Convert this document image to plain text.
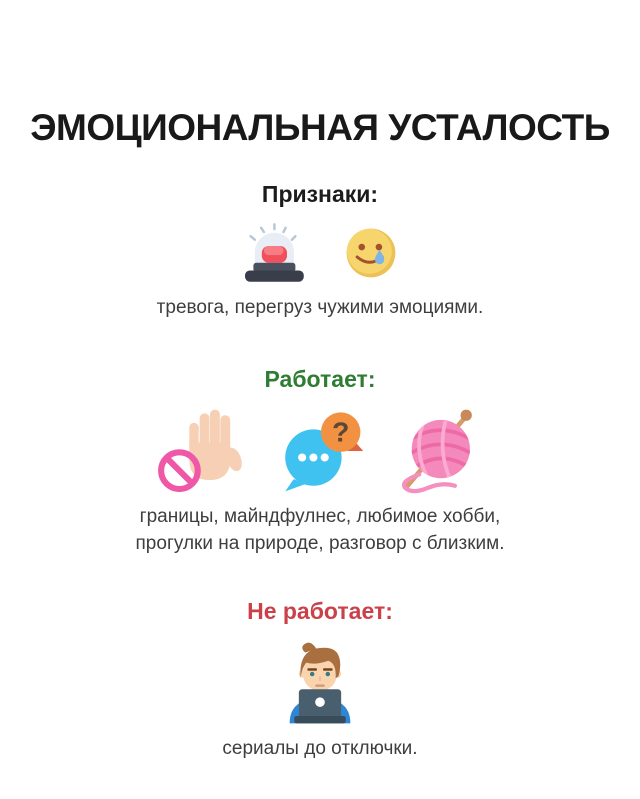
ЭМОЦИОНАЛЬНАЯ УСТАЛОСТЬ
Признаки:

тревога, перегруз чужими эмоциями.

Работает:
?

границы, майндфулнес, любимое хобби,
прогулки на природе, разговор с близким.

Не работает:

сериалы до отключки.
